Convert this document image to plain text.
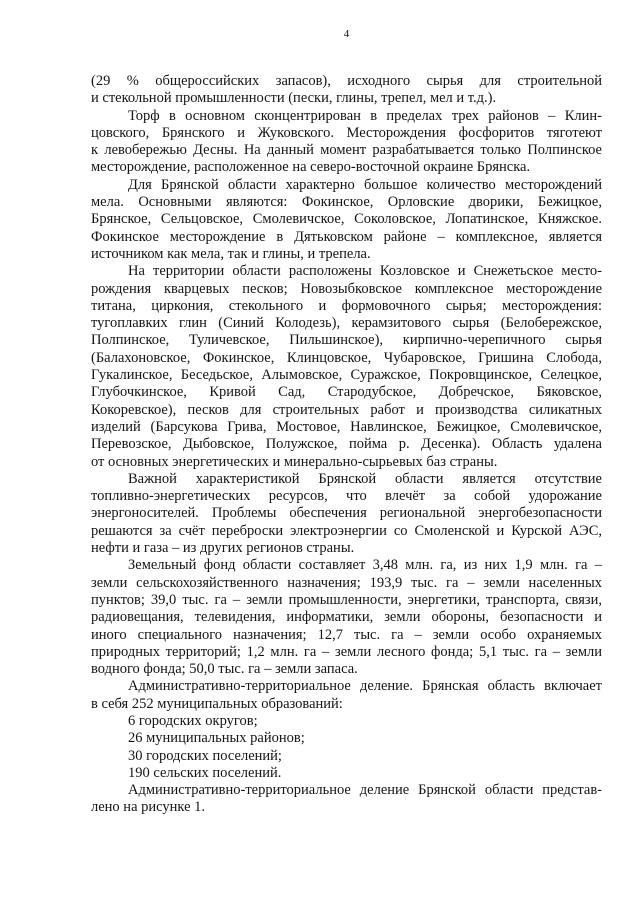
4
(29 % общероссийских запасов), исходного сырья для строительной
и стекольной промышленности (пески, глины, трепел, мел и т.д.).
Торф в основном сконцентрирован в пределах трех районов – Клин-
цовского, Брянского и Жуковского. Месторождения фосфоритов тяготеют
к левобережью Десны. На данный момент разрабатывается только Полпинское
месторождение, расположенное на северо-восточной окраине Брянска.
Для Брянской области характерно большое количество месторождений
мела. Основными являются: Фокинское, Орловские дворики, Бежицкое,
Брянское, Сельцовское, Смолевичское, Соколовское, Лопатинское, Княжское.
Фокинское месторождение в Дятьковском районе – комплексное, является
источником как мела, так и глины, и трепела.
На территории области расположены Козловское и Снежетьское место-
рождения кварцевых песков; Новозыбковское комплексное месторождение
титана, циркония, стекольного и формовочного сырья; месторождения:
тугоплавких глин (Синий Колодезь), керамзитового сырья (Белобережское,
Полпинское, Туличевское, Пильшинское), кирпично-черепичного сырья
(Балахоновское, Фокинское, Клинцовское, Чубаровское, Гришина Слобода,
Гукалинское, Беседьское, Алымовское, Суражское, Покровщинское, Селецкое,
Глубочкинское, Кривой Сад, Стародубское, Добречское, Бяковское,
Кокоревское), песков для строительных работ и производства силикатных
изделий (Барсукова Грива, Мостовое, Навлинское, Бежицкое, Смолевичское,
Перевозское, Дыбовское, Полужское, пойма р. Десенка). Область удалена
от основных энергетических и минерально-сырьевых баз страны.
Важной характеристикой Брянской области является отсутствие
топливно-энергетических ресурсов, что влечёт за собой удорожание
энергоносителей. Проблемы обеспечения региональной энергобезопасности
решаются за счёт переброски электроэнергии со Смоленской и Курской АЭС,
нефти и газа – из других регионов страны.
Земельный фонд области составляет 3,48 млн. га, из них 1,9 млн. га –
земли сельскохозяйственного назначения; 193,9 тыс. га – земли населенных
пунктов; 39,0 тыс. га – земли промышленности, энергетики, транспорта, связи,
радиовещания, телевидения, информатики, земли обороны, безопасности и
иного специального назначения; 12,7 тыс. га – земли особо охраняемых
природных территорий; 1,2 млн. га – земли лесного фонда; 5,1 тыс. га – земли
водного фонда; 50,0 тыс. га – земли запаса.
Административно-территориальное деление. Брянская область включает
в себя 252 муниципальных образований:
6 городских округов;
26 муниципальных районов;
30 городских поселений;
190 сельских поселений.
Административно-территориальное деление Брянской области представ-
лено на рисунке 1.
